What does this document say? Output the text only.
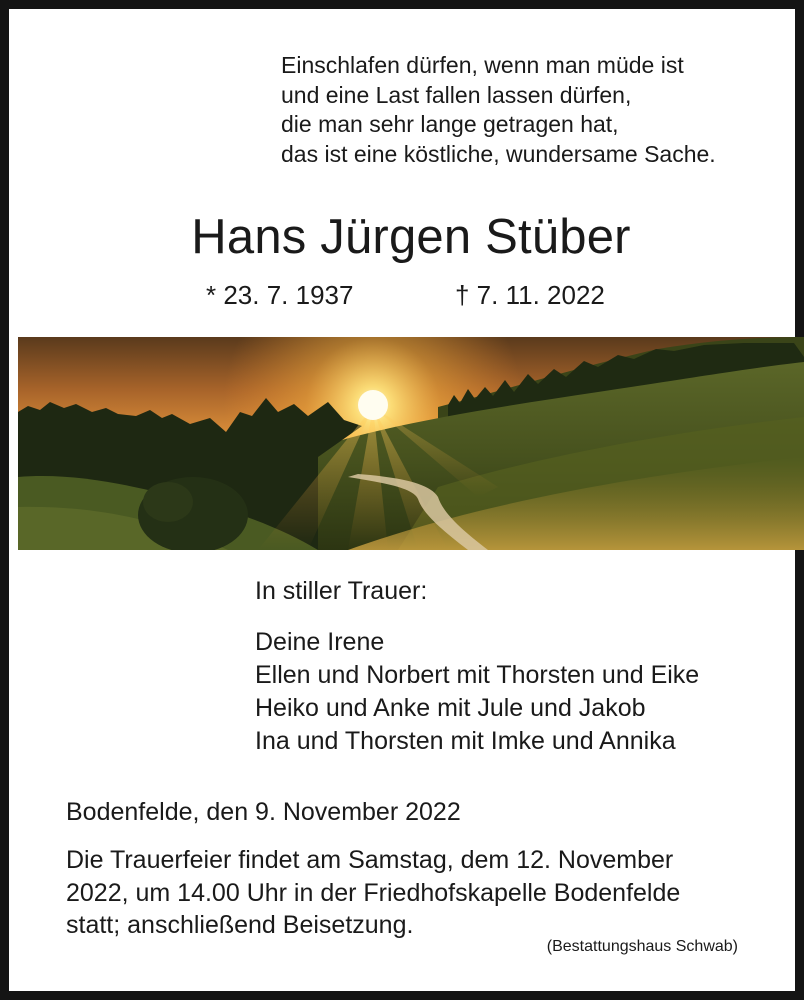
Einschlafen dürfen, wenn man müde ist
und eine Last fallen lassen dürfen,
die man sehr lange getragen hat,
das ist eine köstliche, wundersame Sache.
Hans Jürgen Stüber
* 23. 7. 1937	† 7. 11. 2022
In stiller Trauer:
Deine Irene
Ellen und Norbert mit Thorsten und Eike
Heiko und Anke mit Jule und Jakob
Ina und Thorsten mit Imke und Annika
Bodenfelde, den 9. November 2022
Die Trauerfeier findet am Samstag, dem 12. November
2022, um 14.00 Uhr in der Friedhofskapelle Bodenfelde
statt; anschließend Beisetzung.
(Bestattungshaus Schwab)
